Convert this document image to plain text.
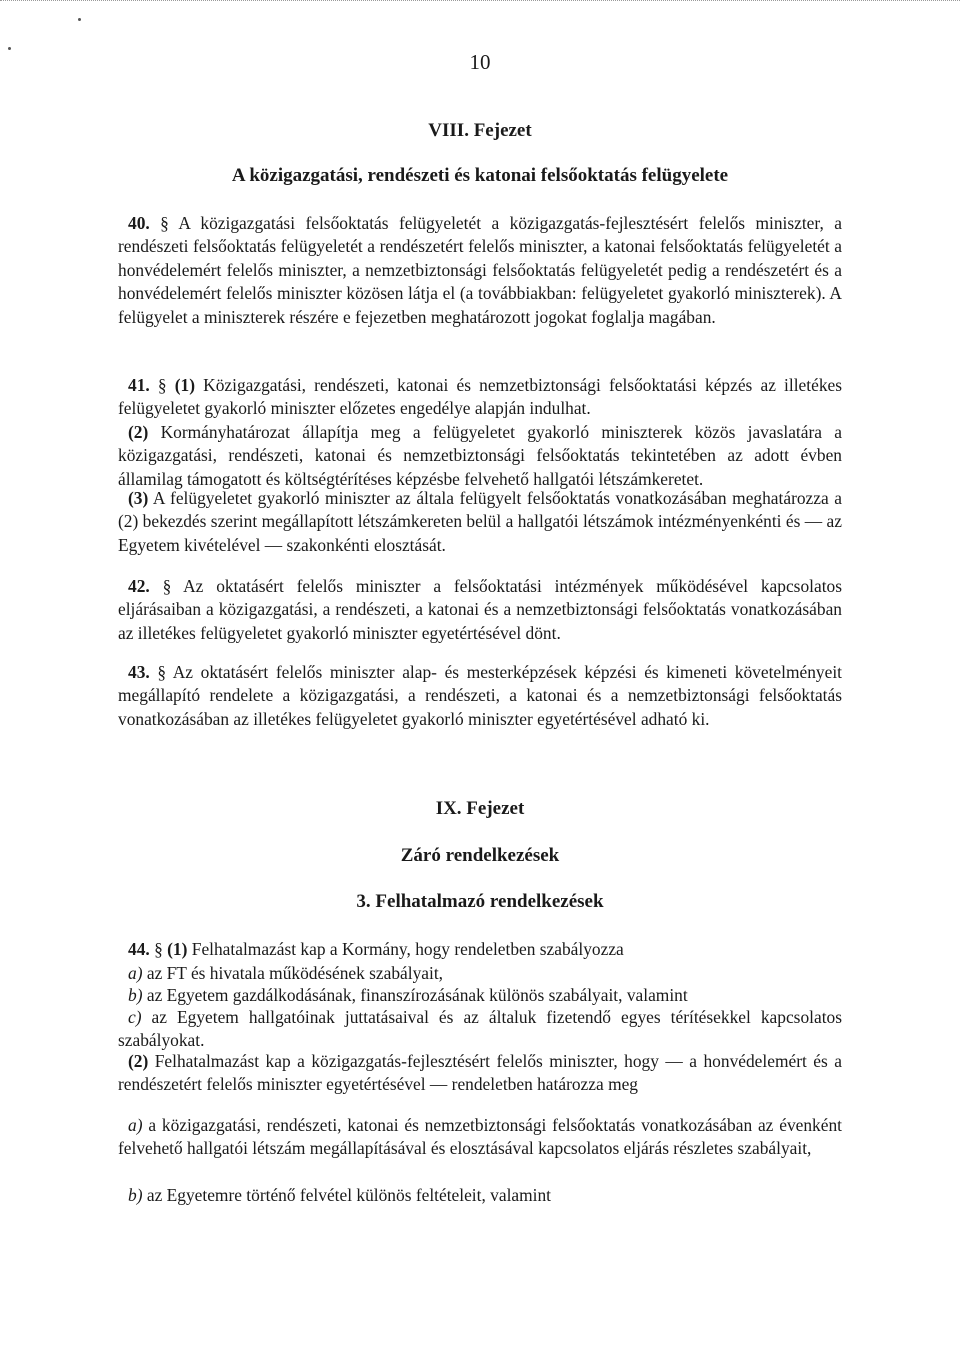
10
VIII. Fejezet
A közigazgatási, rendészeti és katonai felsőoktatás felügyelete
40. § A közigazgatási felsőoktatás felügyeletét a közigazgatás-fejlesztésért felelős miniszter, a rendészeti felsőoktatás felügyeletét a rendészetért felelős miniszter, a katonai felsőoktatás felügyeletét a honvédelemért felelős miniszter, a nemzetbiztonsági felsőoktatás felügyeletét pedig a rendészetért és a honvédelemért felelős miniszter közösen látja el (a továbbiakban: felügyeletet gyakorló miniszterek). A felügyelet a miniszterek részére e fejezetben meghatározott jogokat foglalja magában.
41. § (1) Közigazgatási, rendészeti, katonai és nemzetbiztonsági felsőoktatási képzés az illetékes felügyeletet gyakorló miniszter előzetes engedélye alapján indulhat.
(2) Kormányhatározat állapítja meg a felügyeletet gyakorló miniszterek közös javaslatára a közigazgatási, rendészeti, katonai és nemzetbiztonsági felsőoktatás tekintetében az adott évben államilag támogatott és költségtérítéses képzésbe felvehető hallgatói létszámkeretet.
(3) A felügyeletet gyakorló miniszter az általa felügyelt felsőoktatás vonatkozásában meghatározza a (2) bekezdés szerint megállapított létszámkereten belül a hallgatói létszámok intézményenkénti és — az Egyetem kivételével — szakonkénti elosztását.
42. § Az oktatásért felelős miniszter a felsőoktatási intézmények működésével kapcsolatos eljárásaiban a közigazgatási, a rendészeti, a katonai és a nemzetbiztonsági felsőoktatás vonatkozásában az illetékes felügyeletet gyakorló miniszter egyetértésével dönt.
43. § Az oktatásért felelős miniszter alap- és mesterképzések képzési és kimeneti követelményeit megállapító rendelete a közigazgatási, a rendészeti, a katonai és a nemzetbiztonsági felsőoktatás vonatkozásában az illetékes felügyeletet gyakorló miniszter egyetértésével adható ki.
IX. Fejezet
Záró rendelkezések
3. Felhatalmazó rendelkezések
44. § (1) Felhatalmazást kap a Kormány, hogy rendeletben szabályozza
a) az FT és hivatala működésének szabályait,
b) az Egyetem gazdálkodásának, finanszírozásának különös szabályait, valamint
c) az Egyetem hallgatóinak juttatásaival és az általuk fizetendő egyes térítésekkel kapcsolatos szabályokat.
(2) Felhatalmazást kap a közigazgatás-fejlesztésért felelős miniszter, hogy — a honvédelemért és a rendészetért felelős miniszter egyetértésével — rendeletben határozza meg
a) a közigazgatási, rendészeti, katonai és nemzetbiztonsági felsőoktatás vonatkozásában az évenként felvehető hallgatói létszám megállapításával és elosztásával kapcsolatos eljárás részletes szabályait,
b) az Egyetemre történő felvétel különös feltételeit, valamint
